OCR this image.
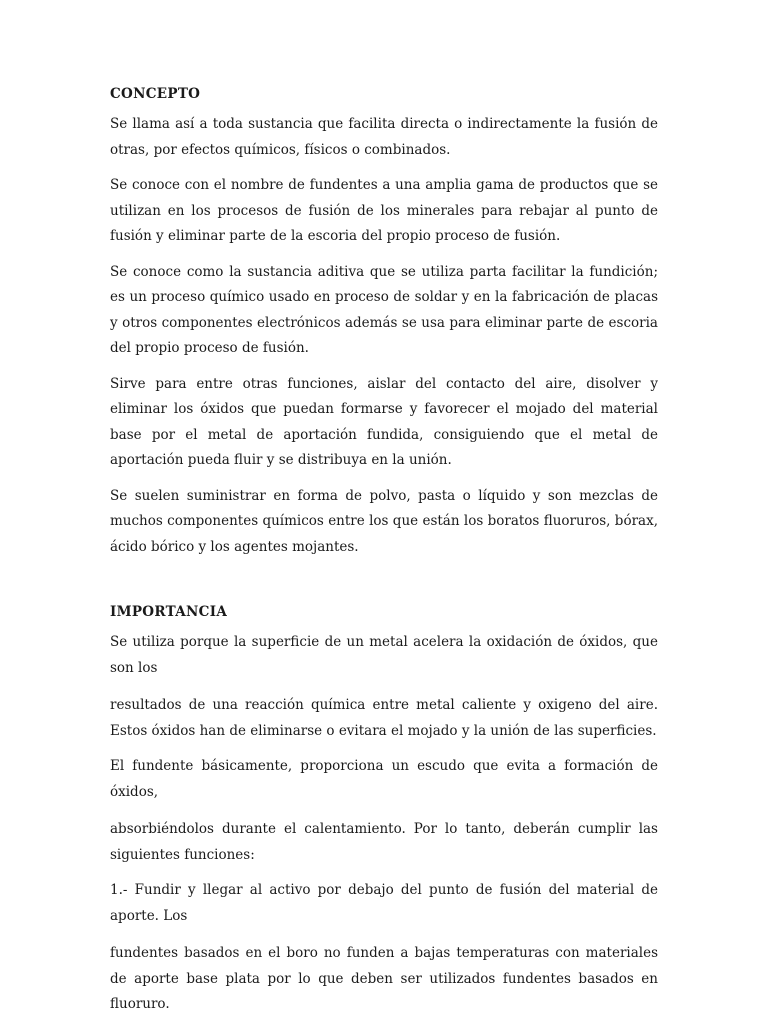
CONCEPTO

Se llama así a toda sustancia que facilita directa o indirectamente la fusión de otras, por efectos químicos, físicos o combinados.

Se conoce con el nombre de fundentes a una amplia gama de productos que se utilizan en los procesos de fusión de los minerales para rebajar al punto de fusión y eliminar parte de la escoria del propio proceso de fusión.

Se conoce como la sustancia aditiva que se utiliza parta facilitar la fundición; es un proceso químico usado en proceso de soldar y en la fabricación de placas y otros componentes electrónicos además se usa para eliminar parte de escoria del propio proceso de fusión.

Sirve para entre otras funciones, aislar del contacto del aire, disolver y eliminar los óxidos que puedan formarse y favorecer el mojado del material base por el metal de aportación fundida, consiguiendo que el metal de aportación pueda fluir y se distribuya en la unión.

Se suelen suministrar en forma de polvo, pasta o líquido y son mezclas de muchos componentes químicos entre los que están los boratos fluoruros, bórax, ácido bórico y los agentes mojantes.

IMPORTANCIA

Se utiliza porque la superficie de un metal acelera la oxidación de óxidos, que son los

resultados de una reacción química entre metal caliente y oxigeno del aire. Estos óxidos han de eliminarse o evitara el mojado y la unión de las superficies.

El fundente básicamente, proporciona un escudo que evita a formación de óxidos,

absorbiéndolos durante el calentamiento. Por lo tanto, deberán cumplir las siguientes funciones:

1.- Fundir y llegar al activo por debajo del punto de fusión del material de aporte. Los

fundentes basados en el boro no funden a bajas temperaturas con materiales de aporte base plata por lo que deben ser utilizados fundentes basados en fluoruro.
